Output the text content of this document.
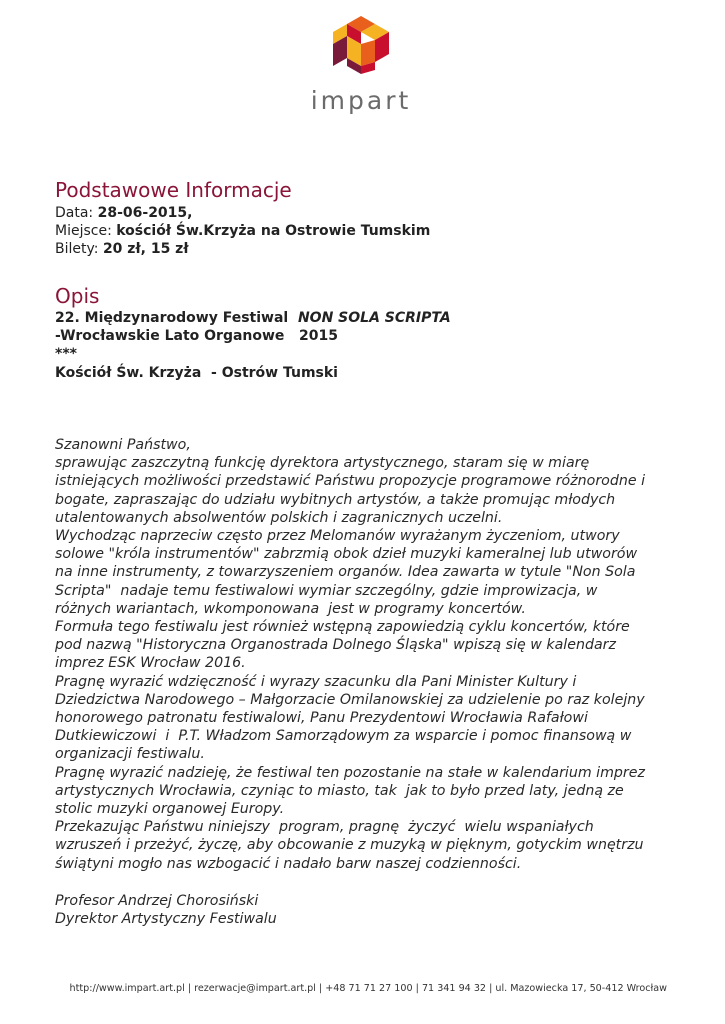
impart
Podstawowe Informacje
Data: 28-06-2015,
Miejsce: kościół Św.Krzyża na Ostrowie Tumskim
Bilety: 20 zł, 15 zł
Opis
22. Międzynarodowy Festiwal  NON SOLA SCRIPTA
-Wrocławskie Lato Organowe   2015
***
Kościół Św. Krzyża  - Ostrów Tumski
Szanowni Państwo,
sprawując zaszczytną funkcję dyrektora artystycznego, staram się w miarę
istniejących możliwości przedstawić Państwu propozycje programowe różnorodne i
bogate, zapraszając do udziału wybitnych artystów, a także promując młodych
utalentowanych absolwentów polskich i zagranicznych uczelni.
Wychodząc naprzeciw często przez Melomanów wyrażanym życzeniom, utwory
solowe "króla instrumentów" zabrzmią obok dzieł muzyki kameralnej lub utworów
na inne instrumenty, z towarzyszeniem organów. Idea zawarta w tytule "Non Sola
Scripta"  nadaje temu festiwalowi wymiar szczególny, gdzie improwizacja, w
różnych wariantach, wkomponowana  jest w programy koncertów.
Formuła tego festiwalu jest również wstępną zapowiedzią cyklu koncertów, które
pod nazwą "Historyczna Organostrada Dolnego Śląska" wpiszą się w kalendarz
imprez ESK Wrocław 2016.
Pragnę wyrazić wdzięczność i wyrazy szacunku dla Pani Minister Kultury i
Dziedzictwa Narodowego – Małgorzacie Omilanowskiej za udzielenie po raz kolejny
honorowego patronatu festiwalowi, Panu Prezydentowi Wrocławia Rafałowi
Dutkiewiczowi  i  P.T. Władzom Samorządowym za wsparcie i pomoc finansową w
organizacji festiwalu.
Pragnę wyrazić nadzieję, że festiwal ten pozostanie na stałe w kalendarium imprez
artystycznych Wrocławia, czyniąc to miasto, tak  jak to było przed laty, jedną ze
stolic muzyki organowej Europy.
Przekazując Państwu niniejszy  program, pragnę  życzyć  wielu wspaniałych
wzruszeń i przeżyć, życzę, aby obcowanie z muzyką w pięknym, gotyckim wnętrzu
świątyni mogło nas wzbogacić i nadało barw naszej codzienności.
Profesor Andrzej Chorosiński
Dyrektor Artystyczny Festiwalu
http://www.impart.art.pl | rezerwacje@impart.art.pl | +48 71 71 27 100 | 71 341 94 32 | ul. Mazowiecka 17, 50-412 Wrocław
